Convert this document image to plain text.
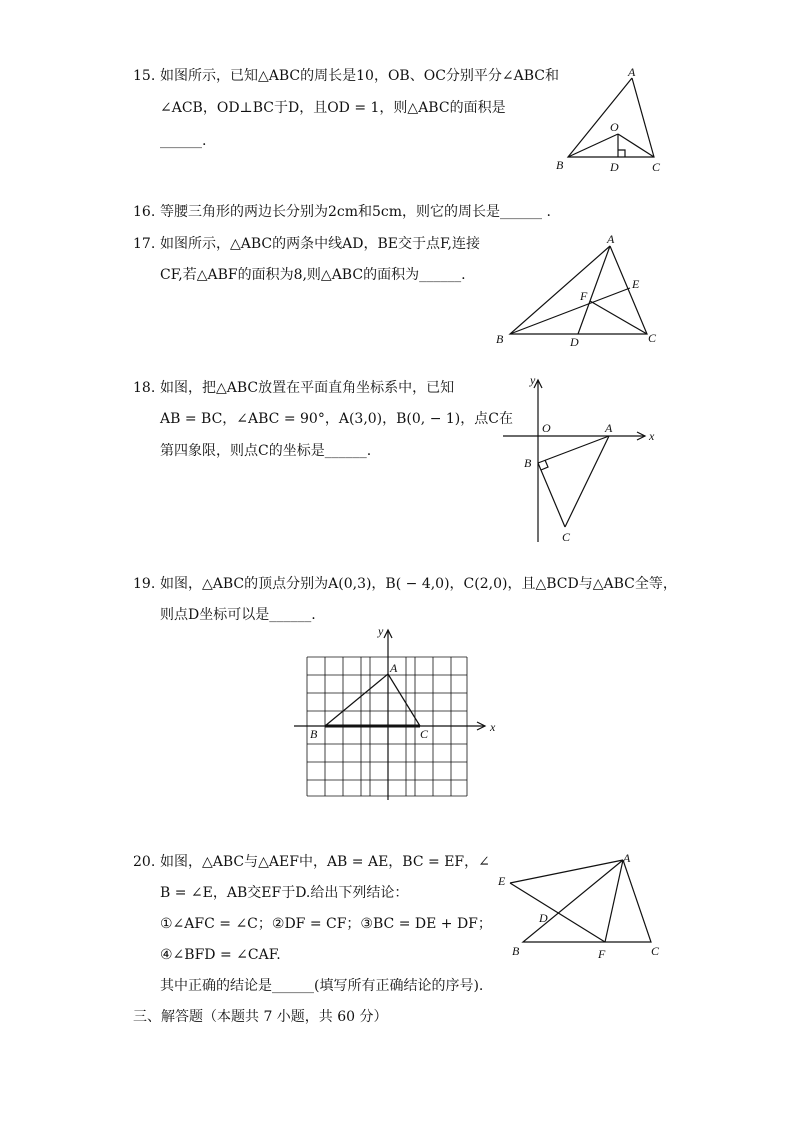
15. 如图所示，已知△ABC的周长是10，OB、OC分别平分∠ABC和
∠ACB，OD⊥BC于D，且OD = 1，则△ABC的面积是
______.
A
B	C
D
O
16. 等腰三角形的两边长分别为2cm和5cm，则它的周长是______ .
17. 如图所示，△ABC的两条中线AD，BE交于点F,连接
CF,若△ABF的面积为8,则△ABC的面积为______.
A
B	C
D
E
F
18. 如图，把△ABC放置在平面直角坐标系中，已知
AB = BC，∠ABC = 90°，A(3,0)，B(0, − 1)，点C在
第四象限，则点C的坐标是______.
y
x
O	A
B
C
19. 如图，△ABC的顶点分别为A(0,3)，B( − 4,0)，C(2,0)，且△BCD与△ABC全等，
则点D坐标可以是______.
y
x
A
B	C
20. 如图，△ABC与△AEF中，AB = AE，BC = EF，∠
B = ∠E，AB交EF于D.给出下列结论：
①∠AFC = ∠C；②DF = CF；③BC = DE + DF；
④∠BFD = ∠CAF.
其中正确的结论是______(填写所有正确结论的序号).
A
E
D
B	F	C
三、解答题（本题共 7 小题，共 60 分）
